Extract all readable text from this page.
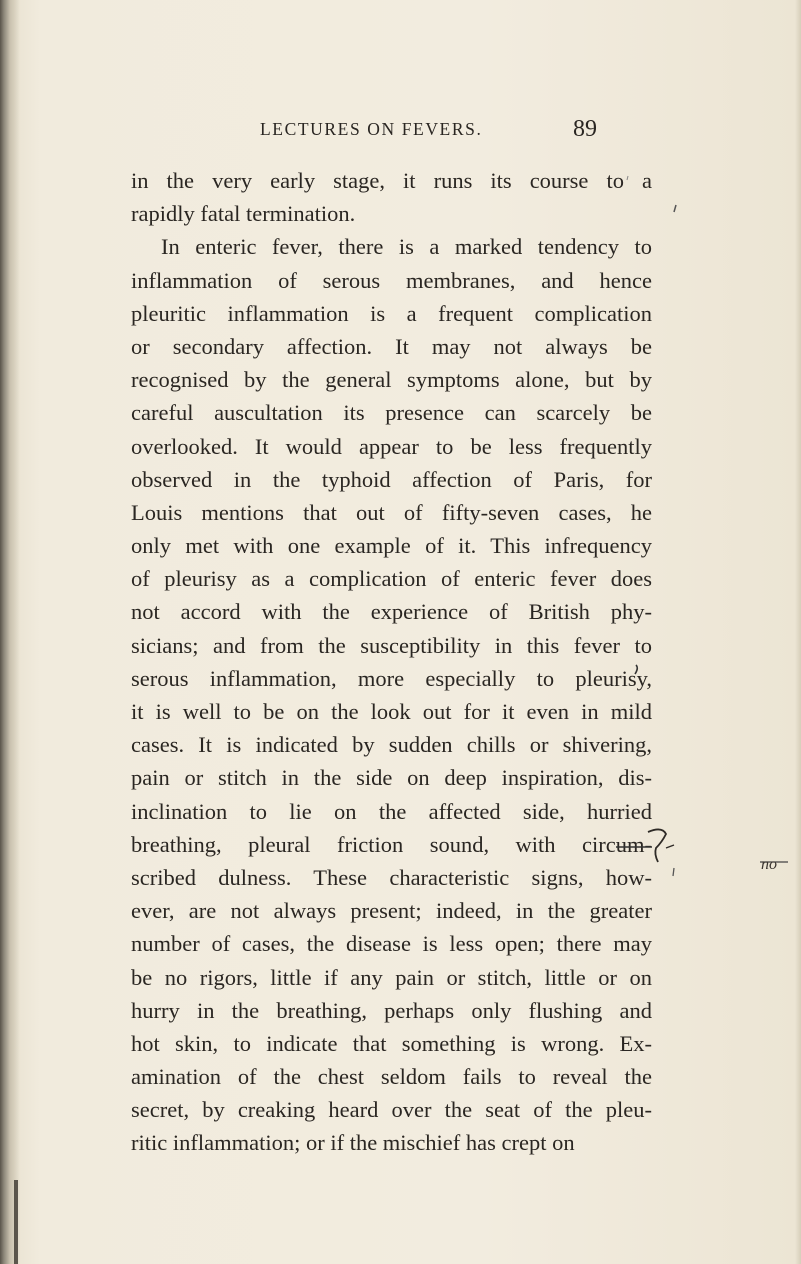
LECTURES ON FEVERS.	89
in the very early stage, it runs its course to a
rapidly fatal termination.
In enteric fever, there is a marked tendency to
inflammation of serous membranes, and hence
pleuritic inflammation is a frequent complication
or secondary affection. It may not always be
recognised by the general symptoms alone, but by
careful auscultation its presence can scarcely be
overlooked. It would appear to be less frequently
observed in the typhoid affection of Paris, for
Louis mentions that out of fifty-seven cases, he
only met with one example of it. This infrequency
of pleurisy as a complication of enteric fever does
not accord with the experience of British phy-
sicians; and from the susceptibility in this fever to
serous inflammation, more especially to pleurisy,
it is well to be on the look out for it even in mild
cases. It is indicated by sudden chills or shivering,
pain or stitch in the side on deep inspiration, dis-
inclination to lie on the affected side, hurried
breathing, pleural friction sound, with circum-
scribed dulness. These characteristic signs, how-
ever, are not always present; indeed, in the greater
number of cases, the disease is less open; there may
be no rigors, little if any pain or stitch, little or on
hurry in the breathing, perhaps only flushing and
hot skin, to indicate that something is wrong. Ex-
amination of the chest seldom fails to reveal the
secret, by creaking heard over the seat of the pleu-
ritic inflammation; or if the mischief has crept on
no
